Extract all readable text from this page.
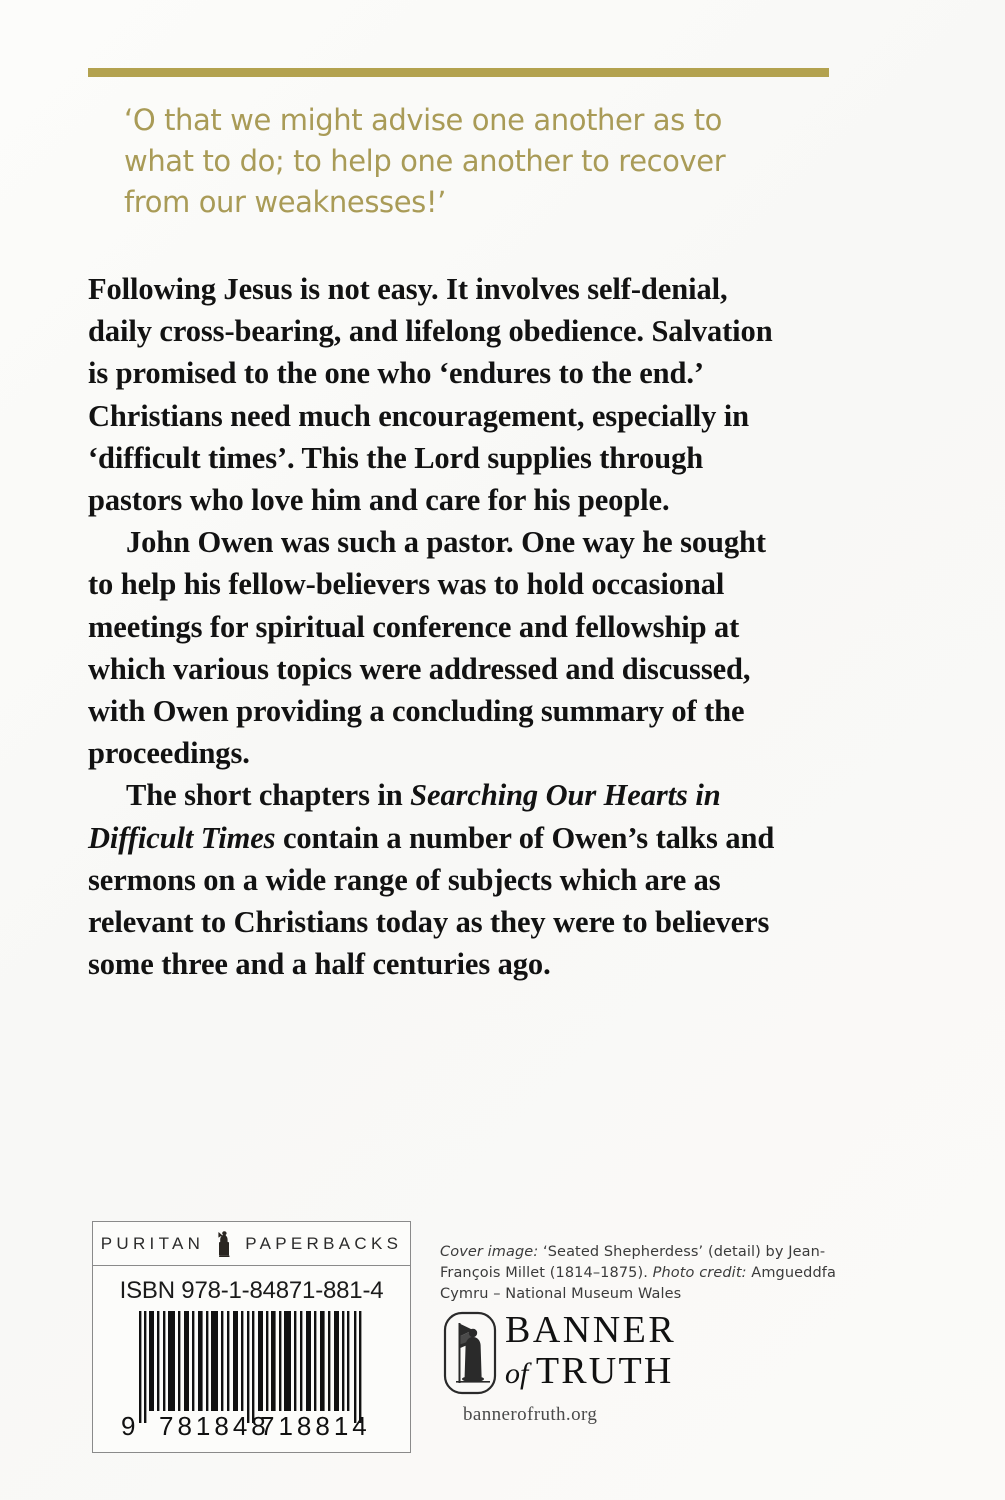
‘O that we might advise one another as to

what to do; to help one another to recover

from our weaknesses!’

Following Jesus is not easy. It involves self-denial, daily cross-bearing, and lifelong obedience. Salvation is promised to the one who ‘endures to the end.’ Christians need much encouragement, especially in ‘difficult times’. This the Lord supplies through pastors who love him and care for his people.

John Owen was such a pastor. One way he sought to help his fellow-believers was to hold occasional meetings for spiritual conference and fellowship at which various topics were addressed and discussed, with Owen providing a concluding summary of the proceedings.

The short chapters in Searching Our Hearts in Difficult Times contain a number of Owen’s talks and sermons on a wide range of subjects which are as relevant to Christians today as they were to believers some three and a half centuries ago.

PURITAN PAPERBACKS
ISBN 978-1-84871-881-4
9 781848
718814
Cover image: ‘Seated Shepherdess’ (detail) by Jean-François Millet (1814–1875). Photo credit: Amgueddfa Cymru – National Museum Wales
BANNER
of TRUTH
bannerofruth.org
